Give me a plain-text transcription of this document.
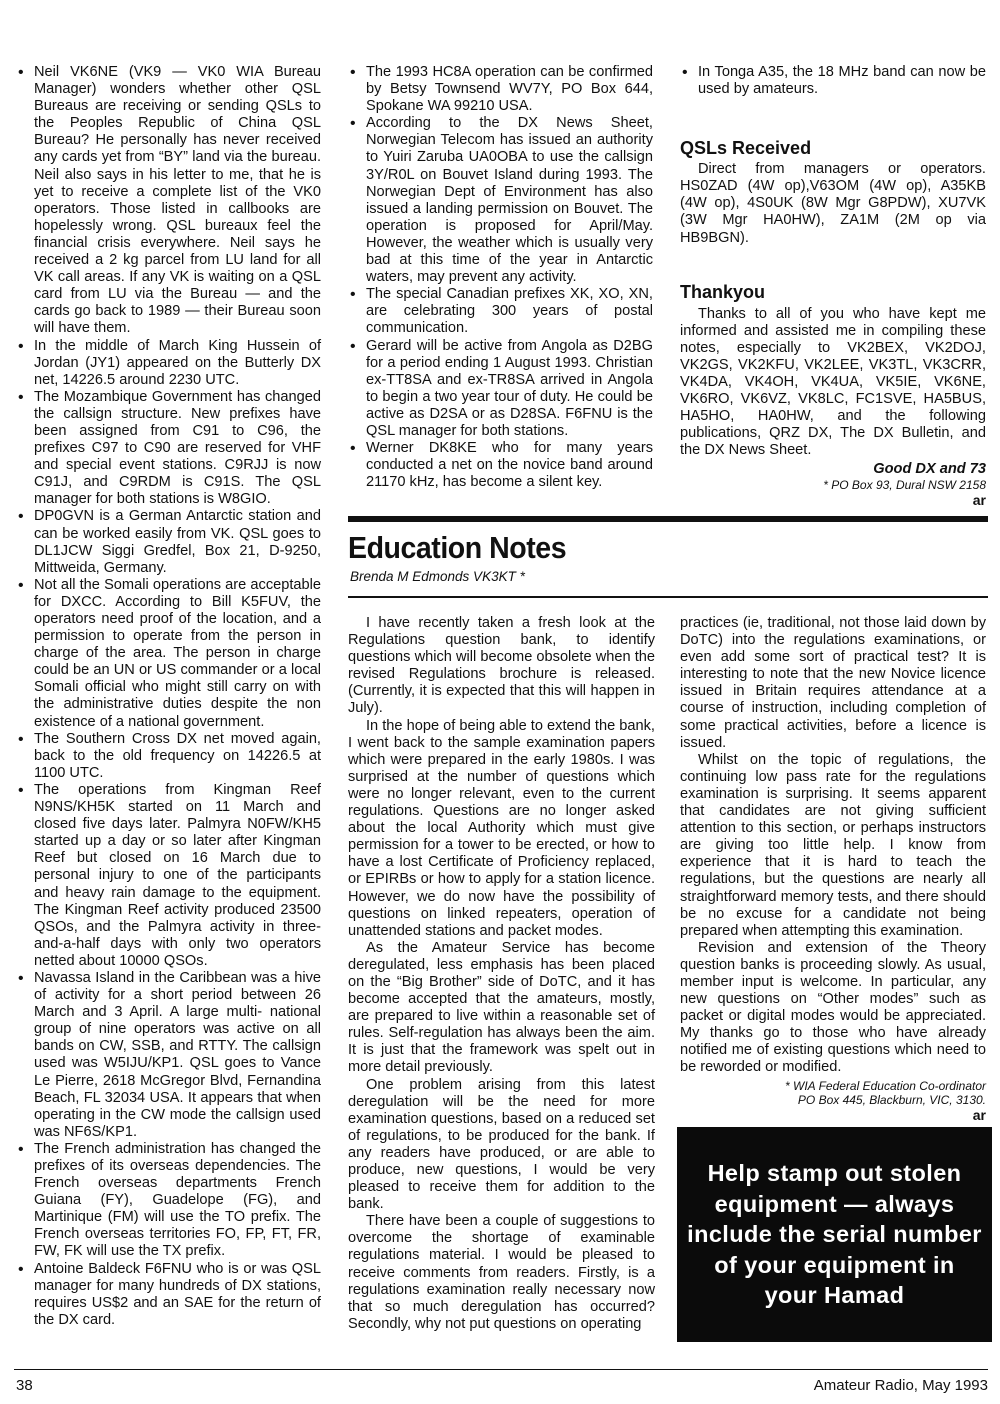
• Neil VK6NE (VK9 — VK0 WIA Bureau Manager) wonders whether other QSL Bureaus are receiving or sending QSLs to the Peoples Republic of China QSL Bureau? He personally has never received any cards yet from “BY” land via the bureau. Neil also says in his letter to me, that he is yet to receive a complete list of the VK0 operators. Those listed in callbooks are hopelessly wrong. QSL bureaux feel the financial crisis everywhere. Neil says he received a 2 kg parcel from LU land for all VK call areas. If any VK is waiting on a QSL card from LU via the Bureau — and the cards go back to 1989 — their Bureau soon will have them.
• In the middle of March King Hussein of Jordan (JY1) appeared on the Butterly DX net, 14226.5 around 2230 UTC.
• The Mozambique Government has changed the callsign structure. New prefixes have been assigned from C91 to C96, the prefixes C97 to C90 are reserved for VHF and special event stations. C9RJJ is now C91J, and C9RDM is C91S. The QSL manager for both stations is W8GIO.
• DP0GVN is a German Antarctic station and can be worked easily from VK. QSL goes to DL1JCW Siggi Gredfel, Box 21, D-9250, Mittweida, Germany.
• Not all the Somali operations are acceptable for DXCC. According to Bill K5FUV, the operators need proof of the location, and a permission to operate from the person in charge of the area. The person in charge could be an UN or US commander or a local Somali official who might still carry on with the administrative duties despite the non existence of a national government.
• The Southern Cross DX net moved again, back to the old frequency on 14226.5 at 1100 UTC.
• The operations from Kingman Reef N9NS/KH5K started on 11 March and closed five days later. Palmyra N0FW/KH5 started up a day or so later after Kingman Reef but closed on 16 March due to personal injury to one of the participants and heavy rain damage to the equipment. The Kingman Reef activity produced 23500 QSOs, and the Palmyra activity in three-and-a-half days with only two operators netted about 10000 QSOs.
• Navassa Island in the Caribbean was a hive of activity for a short period between 26 March and 3 April. A large multi- national group of nine operators was active on all bands on CW, SSB, and RTTY. The callsign used was W5IJU/KP1. QSL goes to Vance Le Pierre, 2618 McGregor Blvd, Fernandina Beach, FL 32034 USA. It appears that when operating in the CW mode the callsign used was NF6S/KP1.
• The French administration has changed the prefixes of its overseas dependencies. The French overseas departments French Guiana (FY), Guadelope (FG), and Martinique (FM) will use the TO prefix. The French overseas territories FO, FP, FT, FR, FW, FK will use the TX prefix.
• Antoine Baldeck F6FNU who is or was QSL manager for many hundreds of DX stations, requires US$2 and an SAE for the return of the DX card.
• The 1993 HC8A operation can be confirmed by Betsy Townsend WV7Y, PO Box 644, Spokane WA 99210 USA.
• According to the DX News Sheet, Norwegian Telecom has issued an authority to Yuiri Zaruba UA0OBA to use the callsign 3Y/R0L on Bouvet Island during 1993. The Norwegian Dept of Environment has also issued a landing permission on Bouvet. The operation is proposed for April/May. However, the weather which is usually very bad at this time of the year in Antarctic waters, may prevent any activity.
• The special Canadian prefixes XK, XO, XN, are celebrating 300 years of postal communication.
• Gerard will be active from Angola as D2BG for a period ending 1 August 1993. Christian ex-TT8SA and ex-TR8SA arrived in Angola to begin a two year tour of duty. He could be active as D2SA or as D28SA. F6FNU is the QSL manager for both stations.
• Werner DK8KE who for many years conducted a net on the novice band around 21170 kHz, has become a silent key.
• In Tonga A35, the 18 MHz band can now be used by amateurs.
QSLs Received

Direct from managers or operators. HS0ZAD (4W op),V63OM (4W op), A35KB (4W op), 4S0UK (8W Mgr G8PDW), XU7VK (3W Mgr HA0HW), ZA1M (2M op via HB9BGN).

Thankyou

Thanks to all of you who have kept me informed and assisted me in compiling these notes, especially to VK2BEX, VK2DOJ, VK2GS, VK2KFU, VK2LEE, VK3TL, VK3CRR, VK4DA, VK4OH, VK4UA, VK5IE, VK6NE, VK6RO, VK6VZ, VK8LC, FC1SVE, HA5BUS, HA5HO, HA0HW, and the following publications, QRZ DX, The DX Bulletin, and the DX News Sheet.

Good DX and 73
* PO Box 93, Dural NSW 2158
ar
Education Notes
Brenda M Edmonds VK3KT *

I have recently taken a fresh look at the Regulations question bank, to identify questions which will become obsolete when the revised Regulations brochure is released. (Currently, it is expected that this will happen in July).

In the hope of being able to extend the bank, I went back to the sample examination papers which were prepared in the early 1980s. I was surprised at the number of questions which were no longer relevant, even to the current regulations. Questions are no longer asked about the local Authority which must give permission for a tower to be erected, or how to have a lost Certificate of Proficiency replaced, or EPIRBs or how to apply for a station licence. However, we do now have the possibility of questions on linked repeaters, operation of unattended stations and packet modes.

As the Amateur Service has become deregulated, less emphasis has been placed on the “Big Brother” side of DoTC, and it has become accepted that the amateurs, mostly, are prepared to live within a reasonable set of rules. Self-regulation has always been the aim. It is just that the framework was spelt out in more detail previously.

One problem arising from this latest deregulation will be the need for more examination questions, based on a reduced set of regulations, to be produced for the bank. If any readers have produced, or are able to produce, new questions, I would be very pleased to receive them for addition to the bank.

There have been a couple of suggestions to overcome the shortage of examinable regulations material. I would be pleased to receive comments from readers. Firstly, is a regulations examination really necessary now that so much deregulation has occurred? Secondly, why not put questions on operating

practices (ie, traditional, not those laid down by DoTC) into the regulations examinations, or even add some sort of practical test? It is interesting to note that the new Novice licence issued in Britain requires attendance at a course of instruction, including completion of some practical activities, before a licence is issued.

Whilst on the topic of regulations, the continuing low pass rate for the regulations examination is surprising. It seems apparent that candidates are not giving sufficient attention to this section, or perhaps instructors are giving too little help. I know from experience that it is hard to teach the regulations, but the questions are nearly all straightforward memory tests, and there should be no excuse for a candidate not being prepared when attempting this examination.

Revision and extension of the Theory question banks is proceeding slowly. As usual, member input is welcome. In particular, any new questions on “Other modes” such as packet or digital modes would be appreciated. My thanks go to those who have already notified me of existing questions which need to be reworded or modified.

* WIA Federal Education Co-ordinator
PO Box 445, Blackburn, VIC, 3130.
ar
Help stamp out stolen equipment — always include the serial number of your equipment in your Hamad
38	Amateur Radio, May 1993
